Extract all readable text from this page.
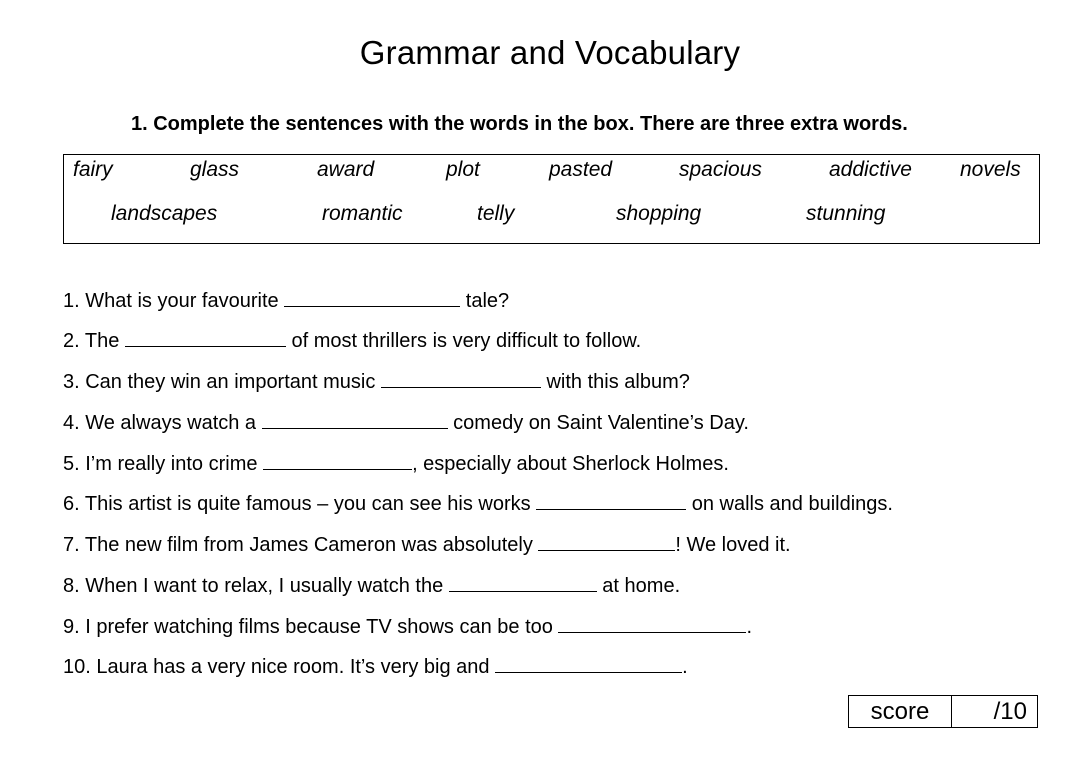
Grammar and Vocabulary
1. Complete the sentences with the words in the box. There are three extra words.
fairy	glass	award	plot	pasted	spacious	addictive novels
landscapes	romantic	telly	shopping	stunning
1. What is your favourite	tale?
2. The	of most thrillers is very difficult to follow.
3. Can they win an important music	with this album?
4. We always watch a	comedy on Saint Valentine’s Day.
5. I’m really into crime	, especially about Sherlock Holmes.
6. This artist is quite famous – you can see his works	on walls and buildings.
7. The new film from James Cameron was absolutely	! We loved it.
8. When I want to relax, I usually watch the	at home.
9. I prefer watching films because TV shows can be too	.
10. Laura has a very nice room. It’s very big and	.
score	/10
